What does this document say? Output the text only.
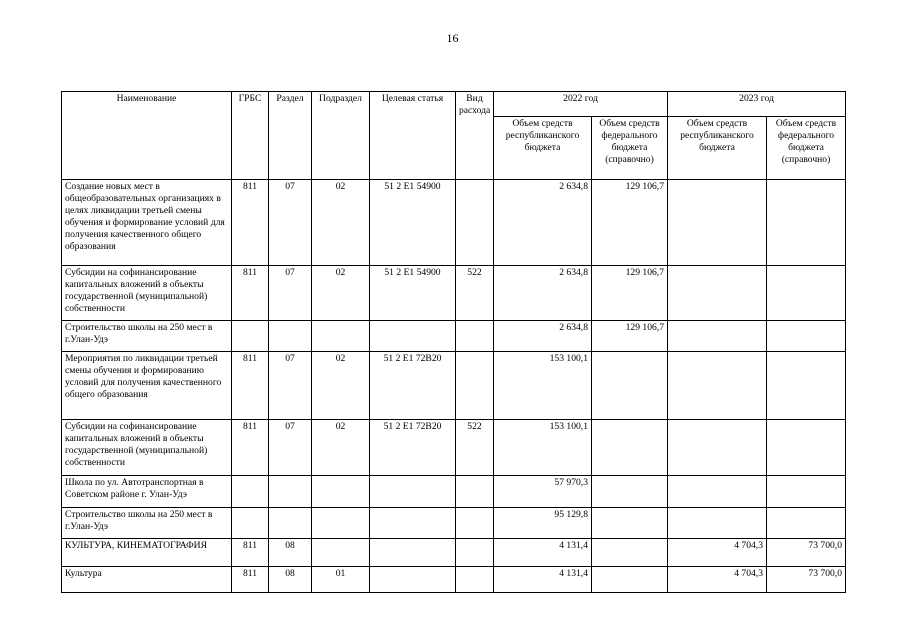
16
Наименование	ГРБС	Раздел	Подраздел	Целевая статья	Вид расхода	2022 год		2023 год	
						Объем средств республиканского бюджета	Объем средств федерального бюджета (справочно)	Объем средств республиканского бюджета	Объем средств федерального бюджета (справочно)
Создание новых мест в общеобразовательных организациях в целях ликвидации третьей смены обучения и формирование условий для получения качественного общего образования	811	07	02	51 2 Е1 54900		2 634,8	129 106,7		
Субсидии на софинансирование капитальных вложений в объекты государственной (муниципальной) собственности	811	07	02	51 2 Е1 54900	522	2 634,8	129 106,7		
Строительство школы на 250 мест в г.Улан-Удэ						2 634,8	129 106,7		
Мероприятия по ликвидации третьей смены обучения и формированию условий для получения качественного общего образования	811	07	02	51 2 Е1 72В20		153 100,1			
Субсидии на софинансирование капитальных вложений в объекты государственной (муниципальной) собственности	811	07	02	51 2 Е1 72В20	522	153 100,1			
Школа по ул. Автотранспортная в Советском районе г. Улан-Удэ						57 970,3			
Строительство школы на 250 мест в г.Улан-Удэ						95 129,8			
КУЛЬТУРА, КИНЕМАТОГРАФИЯ	811	08				4 131,4		4 704,3	73 700,0
Культура	811	08	01			4 131,4		4 704,3	73 700,0
